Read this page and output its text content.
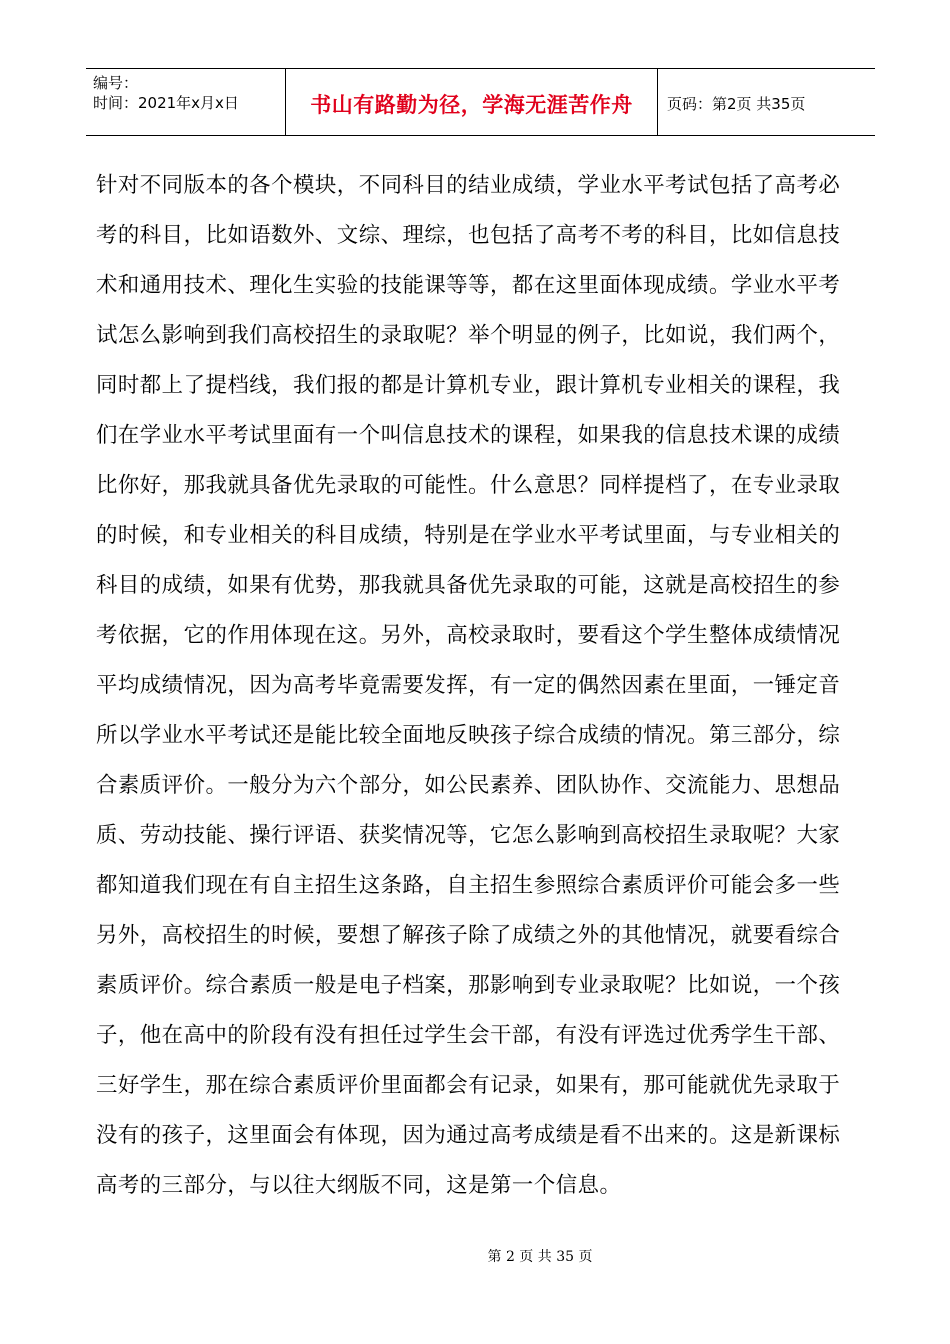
编号：
时间：2021年x月x日	书山有路勤为径，学海无涯苦作舟 页码：第2页 共35页
针对不同版本的各个模块，不同科目的结业成绩，学业水平考试包括了高考必
考的科目，比如语数外、文综、理综，也包括了高考不考的科目，比如信息技
术和通用技术、理化生实验的技能课等等，都在这里面体现成绩。学业水平考
试怎么影响到我们高校招生的录取呢？举个明显的例子，比如说，我们两个，
同时都上了提档线，我们报的都是计算机专业，跟计算机专业相关的课程，我
们在学业水平考试里面有一个叫信息技术的课程，如果我的信息技术课的成绩
比你好，那我就具备优先录取的可能性。什么意思？同样提档了，在专业录取
的时候，和专业相关的科目成绩，特别是在学业水平考试里面，与专业相关的
科目的成绩，如果有优势，那我就具备优先录取的可能，这就是高校招生的参
考依据，它的作用体现在这。另外，高校录取时，要看这个学生整体成绩情况
平均成绩情况，因为高考毕竟需要发挥，有一定的偶然因素在里面，一锤定音
所以学业水平考试还是能比较全面地反映孩子综合成绩的情况。第三部分，综
合素质评价。一般分为六个部分，如公民素养、团队协作、交流能力、思想品
质、劳动技能、操行评语、获奖情况等，它怎么影响到高校招生录取呢？大家
都知道我们现在有自主招生这条路，自主招生参照综合素质评价可能会多一些
另外，高校招生的时候，要想了解孩子除了成绩之外的其他情况，就要看综合
素质评价。综合素质一般是电子档案，那影响到专业录取呢？比如说，一个孩
子，他在高中的阶段有没有担任过学生会干部，有没有评选过优秀学生干部、
三好学生，那在综合素质评价里面都会有记录，如果有，那可能就优先录取于
没有的孩子，这里面会有体现，因为通过高考成绩是看不出来的。这是新课标
高考的三部分，与以往大纲版不同，这是第一个信息。
第 2 页 共 35 页
